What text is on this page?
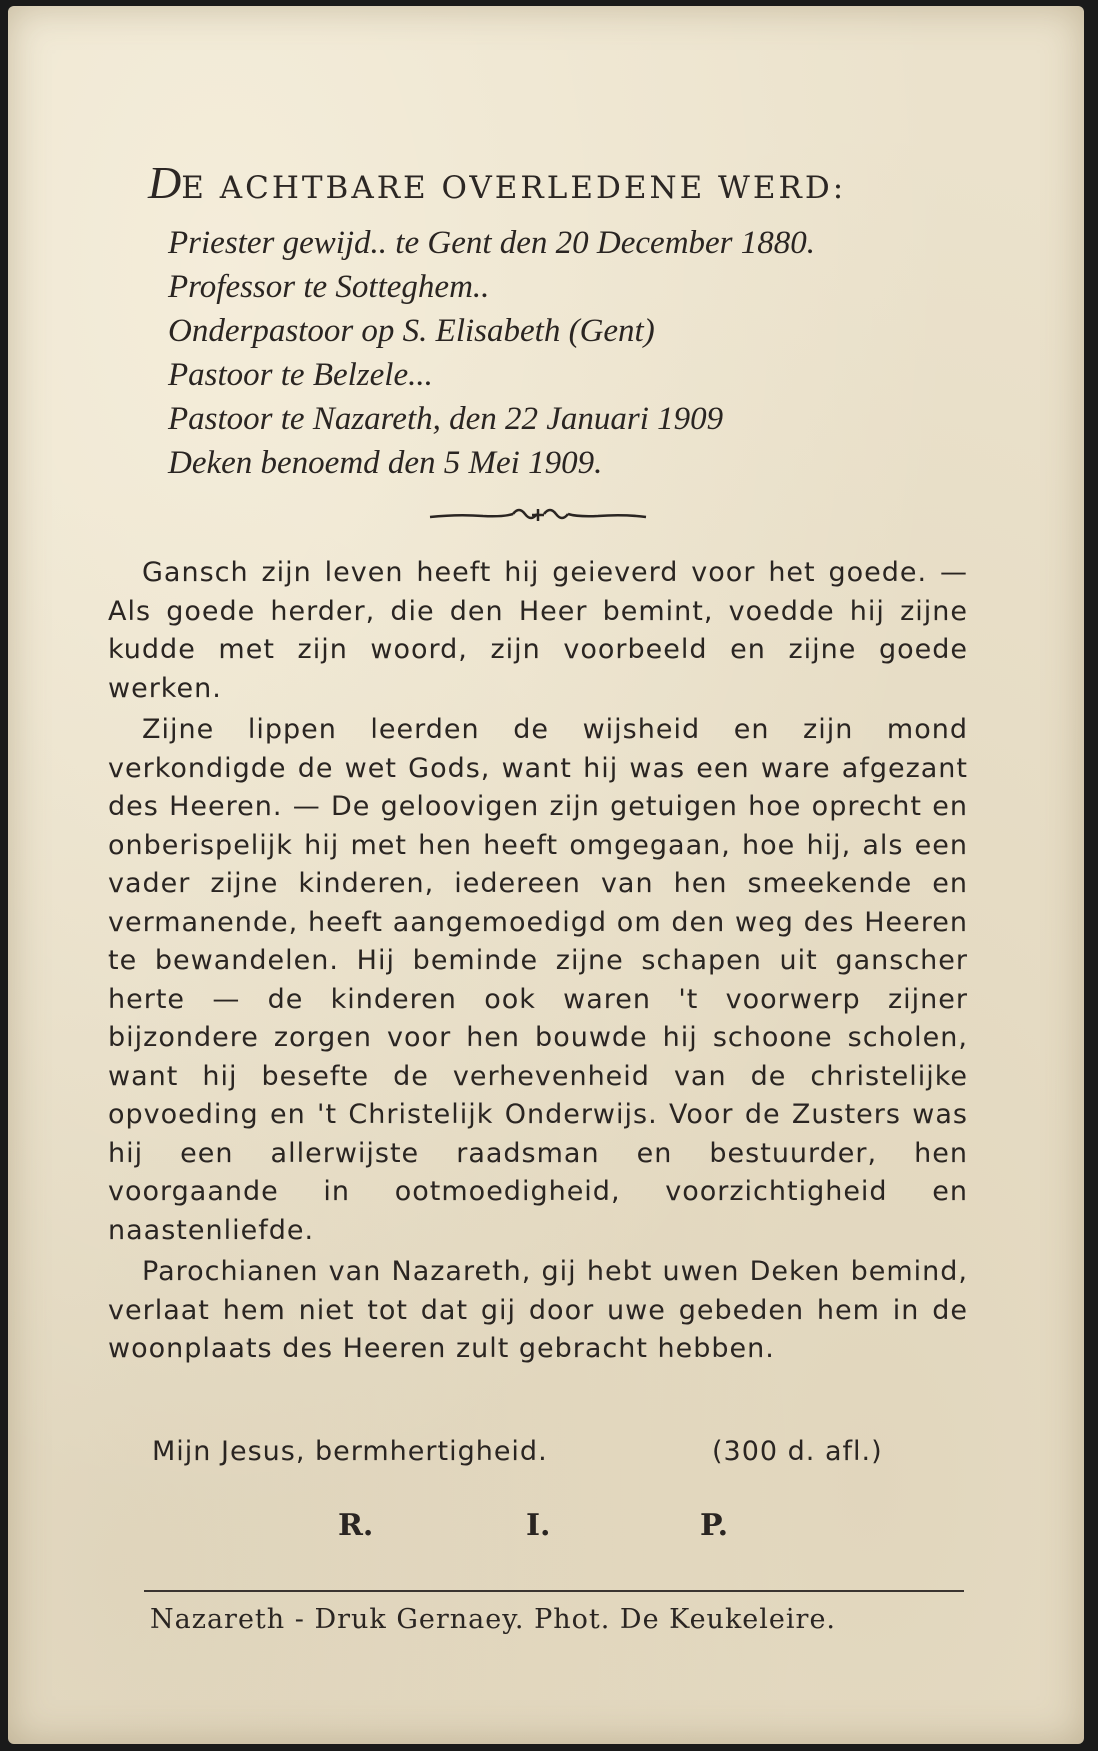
DE ACHTBARE OVERLEDENE WERD:
Priester gewijd.. te Gent den 20 December 1880.
Professor te Sotteghem..
Onderpastoor op S. Elisabeth (Gent)
Pastoor te Belzele...
Pastoor te Nazareth, den 22 Januari 1909
Deken benoemd den 5 Mei 1909.

Gansch zijn leven heeft hij geieverd voor het goede. — Als goede herder, die den Heer bemint, voedde hij zijne kudde met zijn woord, zijn voorbeeld en zijne goede werken.

Zijne lippen leerden de wijsheid en zijn mond verkondigde de wet Gods, want hij was een ware afgezant des Heeren. — De geloovigen zijn getuigen hoe oprecht en onberispelijk hij met hen heeft omgegaan, hoe hij, als een vader zijne kinderen, iedereen van hen smeekende en vermanende, heeft aangemoedigd om den weg des Heeren te bewandelen. Hij beminde zijne schapen uit ganscher herte — de kinderen ook waren 't voorwerp zijner bijzondere zorgen voor hen bouwde hij schoone scholen, want hij besefte de verhevenheid van de christelijke opvoeding en 't Christelijk Onderwijs. Voor de Zusters was hij een allerwijste raadsman en bestuurder, hen voorgaande in ootmoedigheid, voorzichtigheid en naastenliefde.

Parochianen van Nazareth, gij hebt uwen Deken bemind, verlaat hem niet tot dat gij door uwe gebeden hem in de woonplaats des Heeren zult gebracht hebben.

Mijn Jesus, bermhertigheid.	(300 d. afl.)
R.	I.	P.
Nazareth - Druk Gernaey. Phot. De Keukeleire.
